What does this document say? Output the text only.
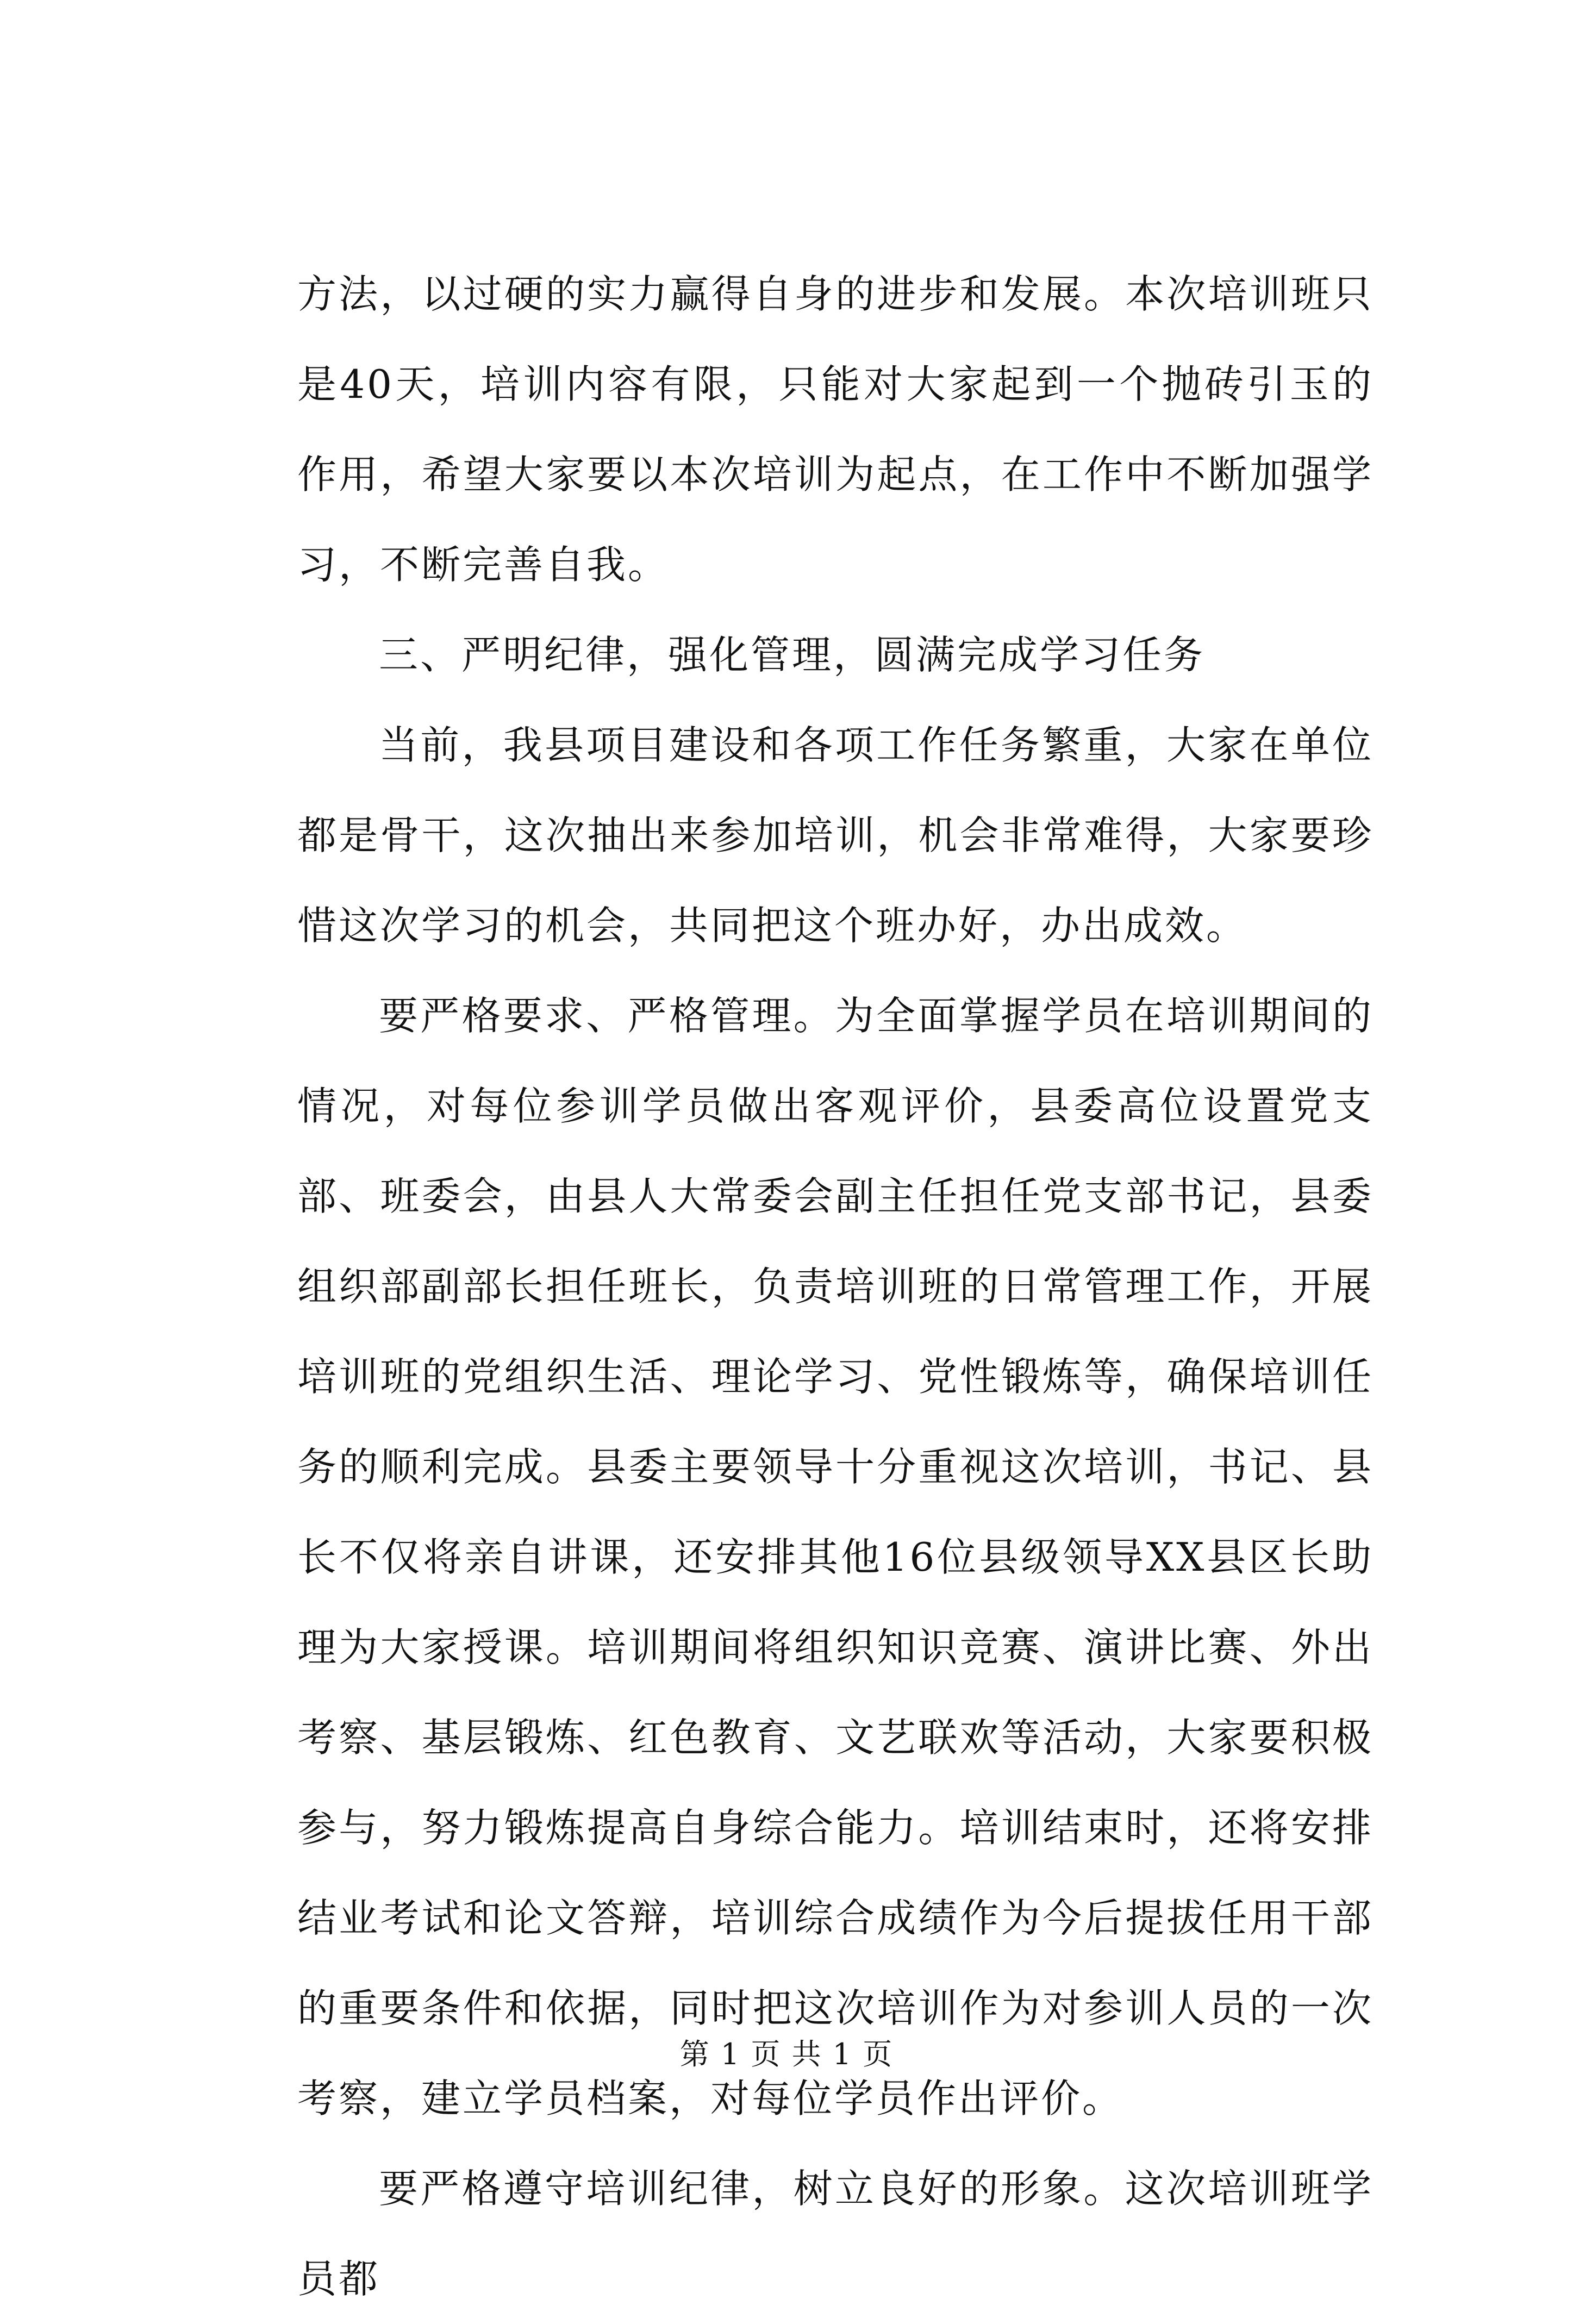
方法，以过硬的实力赢得自身的进步和发展。本次培训班只是40天，培训内容有限，只能对大家起到一个抛砖引玉的作用，希望大家要以本次培训为起点，在工作中不断加强学习，不断完善自我。

三、严明纪律，强化管理，圆满完成学习任务

当前，我县项目建设和各项工作任务繁重，大家在单位都是骨干，这次抽出来参加培训，机会非常难得，大家要珍惜这次学习的机会，共同把这个班办好，办出成效。

要严格要求、严格管理。为全面掌握学员在培训期间的情况，对每位参训学员做出客观评价，县委高位设置党支部、班委会，由县人大常委会副主任担任党支部书记，县委组织部副部长担任班长，负责培训班的日常管理工作，开展培训班的党组织生活、理论学习、党性锻炼等，确保培训任务的顺利完成。县委主要领导十分重视这次培训，书记、县长不仅将亲自讲课，还安排其他16位县级领导XX县区长助理为大家授课。培训期间将组织知识竞赛、演讲比赛、外出考察、基层锻炼、红色教育、文艺联欢等活动，大家要积极参与，努力锻炼提高自身综合能力。培训结束时，还将安排结业考试和论文答辩，培训综合成绩作为今后提拔任用干部的重要条件和依据，同时把这次培训作为对参训人员的一次考察，建立学员档案，对每位学员作出评价。

要严格遵守培训纪律，树立良好的形象。这次培训班学员都

第 1 页 共 1 页
